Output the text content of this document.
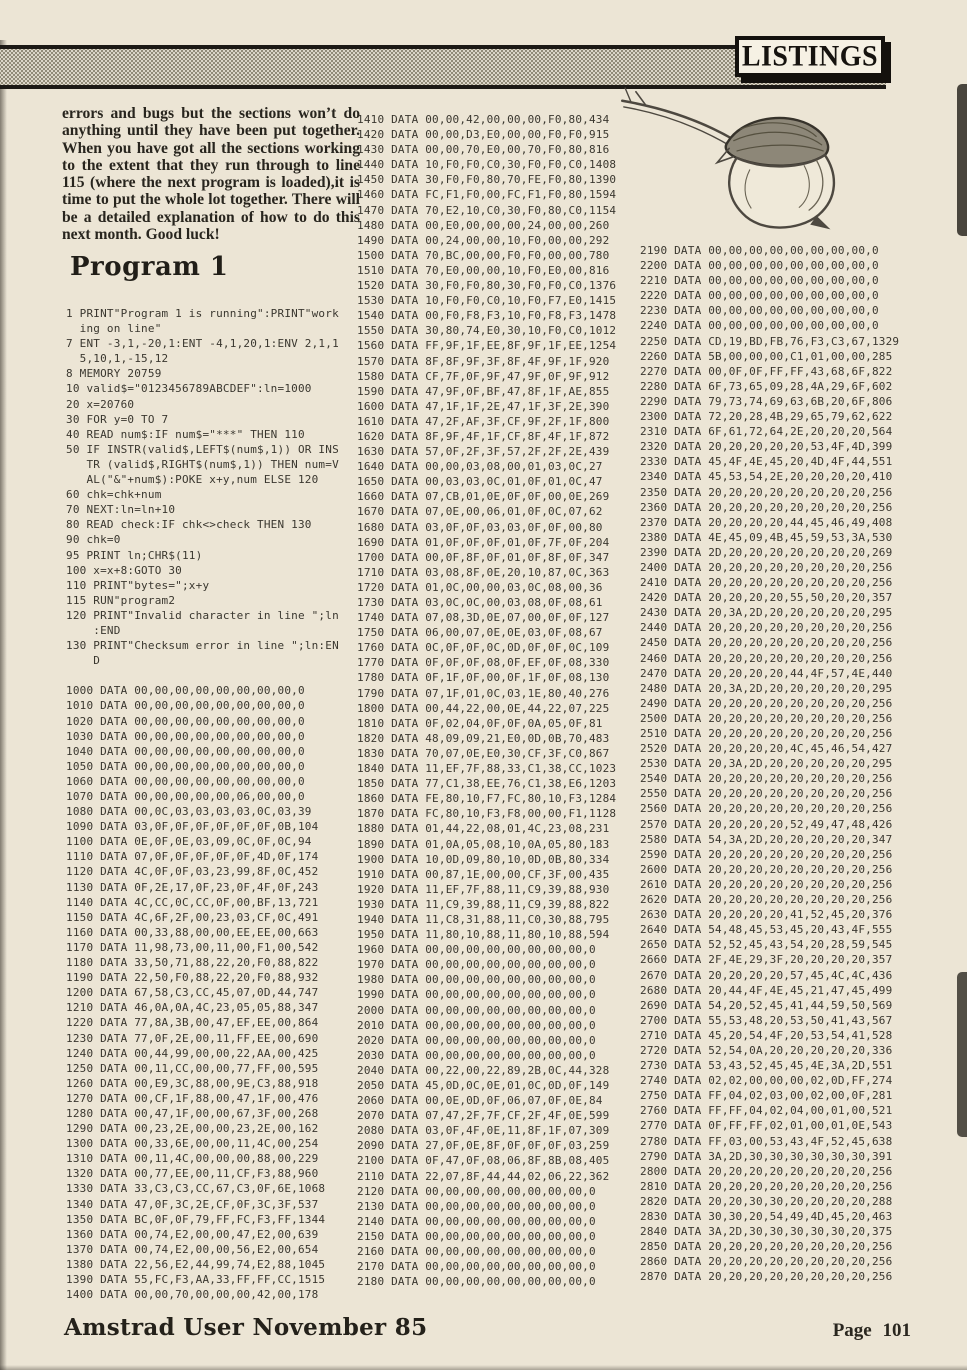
LISTINGS

errors and bugs but the sections won’t do anything until they have been put together. When you have got all the sections working to the extent that they run through to line 115 (where the next program is loaded),it is time to put the whole lot together. There will be a detailed explanation of how to do this next month. Good luck!

Program 1
1 PRINT"Program 1 is running":PRINT"work
ing on line"
7 ENT -3,1,-20,1:ENT -4,1,20,1:ENV 2,1,1
5,10,1,-15,12
8 MEMORY 20759
10 valid$="0123456789ABCDEF":ln=1000
20 x=20760
30 FOR y=0 TO 7
40 READ num$:IF num$="***" THEN 110
50 IF INSTR(valid$,LEFT$(num$,1)) OR INS
TR (valid$,RIGHT$(num$,1)) THEN num=V
AL("&"+num$):POKE x+y,num ELSE 120
60 chk=chk+num
70 NEXT:ln=ln+10
80 READ check:IF chk<>check THEN 130
90 chk=0
95 PRINT ln;CHR$(11)
100 x=x+8:GOTO 30
110 PRINT"bytes=";x+y
115 RUN"program2
120 PRINT"Invalid character in line ";ln
:END
130 PRINT"Checksum error in line ";ln:EN
D

1000 DATA 00,00,00,00,00,00,00,00,0
1010 DATA 00,00,00,00,00,00,00,00,0
1020 DATA 00,00,00,00,00,00,00,00,0
1030 DATA 00,00,00,00,00,00,00,00,0
1040 DATA 00,00,00,00,00,00,00,00,0
1050 DATA 00,00,00,00,00,00,00,00,0
1060 DATA 00,00,00,00,00,00,00,00,0
1070 DATA 00,00,00,00,00,06,00,00,0
1080 DATA 00,0C,03,03,03,03,0C,03,39
1090 DATA 03,0F,0F,0F,0F,0F,0F,0B,104
1100 DATA 0E,0F,0E,03,09,0C,0F,0C,94
1110 DATA 07,0F,0F,0F,0F,0F,4D,0F,174
1120 DATA 4C,0F,0F,03,23,99,8F,0C,452
1130 DATA 0F,2E,17,0F,23,0F,4F,0F,243
1140 DATA 4C,CC,0C,CC,0F,00,BF,13,721
1150 DATA 4C,6F,2F,00,23,03,CF,0C,491
1160 DATA 00,33,88,00,00,EE,EE,00,663
1170 DATA 11,98,73,00,11,00,F1,00,542
1180 DATA 33,50,71,88,22,20,F0,88,822
1190 DATA 22,50,F0,88,22,20,F0,88,932
1200 DATA 67,58,C3,CC,45,07,0D,44,747
1210 DATA 46,0A,0A,4C,23,05,05,88,347
1220 DATA 77,8A,3B,00,47,EF,EE,00,864
1230 DATA 77,0F,2E,00,11,FF,EE,00,690
1240 DATA 00,44,99,00,00,22,AA,00,425
1250 DATA 00,11,CC,00,00,77,FF,00,595
1260 DATA 00,E9,3C,88,00,9E,C3,88,918
1270 DATA 00,CF,1F,88,00,47,1F,00,476
1280 DATA 00,47,1F,00,00,67,3F,00,268
1290 DATA 00,23,2E,00,00,23,2E,00,162
1300 DATA 00,33,6E,00,00,11,4C,00,254
1310 DATA 00,11,4C,00,00,00,88,00,229
1320 DATA 00,77,EE,00,11,CF,F3,88,960
1330 DATA 33,C3,C3,CC,67,C3,0F,6E,1068
1340 DATA 47,0F,3C,2E,CF,0F,3C,3F,537
1350 DATA BC,0F,0F,79,FF,FC,F3,FF,1344
1360 DATA 00,74,E2,00,00,47,E2,00,639
1370 DATA 00,74,E2,00,00,56,E2,00,654
1380 DATA 22,56,E2,44,99,74,E2,88,1045
1390 DATA 55,FC,F3,AA,33,FF,FF,CC,1515
1400 DATA 00,00,70,00,00,00,42,00,178
1410 DATA 00,00,42,00,00,00,F0,80,434
1420 DATA 00,00,D3,E0,00,00,F0,F0,915
1430 DATA 00,00,70,E0,00,70,F0,80,816
1440 DATA 10,F0,F0,C0,30,F0,F0,C0,1408
1450 DATA 30,F0,F0,80,70,FE,F0,80,1390
1460 DATA FC,F1,F0,00,FC,F1,F0,80,1594
1470 DATA 70,E2,10,C0,30,F0,80,C0,1154
1480 DATA 00,E0,00,00,00,24,00,00,260
1490 DATA 00,24,00,00,10,F0,00,00,292
1500 DATA 70,BC,00,00,F0,F0,00,00,780
1510 DATA 70,E0,00,00,10,F0,E0,00,816
1520 DATA 30,F0,F0,80,30,F0,F0,C0,1376
1530 DATA 10,F0,F0,C0,10,F0,F7,E0,1415
1540 DATA 00,F0,F8,F3,10,F0,F8,F3,1478
1550 DATA 30,80,74,E0,30,10,F0,C0,1012
1560 DATA FF,9F,1F,EE,8F,9F,1F,EE,1254
1570 DATA 8F,8F,9F,3F,8F,4F,9F,1F,920
1580 DATA CF,7F,0F,9F,47,9F,0F,9F,912
1590 DATA 47,9F,0F,BF,47,8F,1F,AE,855
1600 DATA 47,1F,1F,2E,47,1F,3F,2E,390
1610 DATA 47,2F,AF,3F,CF,9F,2F,1F,800
1620 DATA 8F,9F,4F,1F,CF,8F,4F,1F,872
1630 DATA 57,0F,2F,3F,57,2F,2F,2E,439
1640 DATA 00,00,03,08,00,01,03,0C,27
1650 DATA 00,03,03,0C,01,0F,01,0C,47
1660 DATA 07,CB,01,0E,0F,0F,00,0E,269
1670 DATA 07,0E,00,06,01,0F,0C,07,62
1680 DATA 03,0F,0F,03,03,0F,0F,00,80
1690 DATA 01,0F,0F,0F,01,0F,7F,0F,204
1700 DATA 00,0F,8F,0F,01,0F,8F,0F,347
1710 DATA 03,08,8F,0E,20,10,87,0C,363
1720 DATA 01,0C,00,00,03,0C,08,00,36
1730 DATA 03,0C,0C,00,03,08,0F,08,61
1740 DATA 07,08,3D,0E,07,00,0F,0F,127
1750 DATA 06,00,07,0E,0E,03,0F,08,67
1760 DATA 0C,0F,0F,0C,0D,0F,0F,0C,109
1770 DATA 0F,0F,0F,08,0F,EF,0F,08,330
1780 DATA 0F,1F,0F,00,0F,1F,0F,08,130
1790 DATA 07,1F,01,0C,03,1E,80,40,276
1800 DATA 00,44,22,00,0E,44,22,07,225
1810 DATA 0F,02,04,0F,0F,0A,05,0F,81
1820 DATA 48,09,09,21,E0,0D,0B,70,483
1830 DATA 70,07,0E,E0,30,CF,3F,C0,867
1840 DATA 11,EF,7F,88,33,C1,38,CC,1023
1850 DATA 77,C1,38,EE,76,C1,38,E6,1203
1860 DATA FE,80,10,F7,FC,80,10,F3,1284
1870 DATA FC,80,10,F3,F8,00,00,F1,1128
1880 DATA 01,44,22,08,01,4C,23,08,231
1890 DATA 01,0A,05,08,10,0A,05,80,183
1900 DATA 10,0D,09,80,10,0D,0B,80,334
1910 DATA 00,87,1E,00,00,CF,3F,00,435
1920 DATA 11,EF,7F,88,11,C9,39,88,930
1930 DATA 11,C9,39,88,11,C9,39,88,822
1940 DATA 11,C8,31,88,11,C0,30,88,795
1950 DATA 11,80,10,88,11,80,10,88,594
1960 DATA 00,00,00,00,00,00,00,00,0
1970 DATA 00,00,00,00,00,00,00,00,0
1980 DATA 00,00,00,00,00,00,00,00,0
1990 DATA 00,00,00,00,00,00,00,00,0
2000 DATA 00,00,00,00,00,00,00,00,0
2010 DATA 00,00,00,00,00,00,00,00,0
2020 DATA 00,00,00,00,00,00,00,00,0
2030 DATA 00,00,00,00,00,00,00,00,0
2040 DATA 00,22,00,22,89,2B,0C,44,328
2050 DATA 45,0D,0C,0E,01,0C,0D,0F,149
2060 DATA 00,0E,0D,0F,06,07,0F,0E,84
2070 DATA 07,47,2F,7F,CF,2F,4F,0E,599
2080 DATA 03,0F,4F,0E,11,8F,1F,07,309
2090 DATA 27,0F,0E,8F,0F,0F,0F,03,259
2100 DATA 0F,47,0F,08,06,8F,8B,08,405
2110 DATA 22,07,8F,44,44,02,06,22,362
2120 DATA 00,00,00,00,00,00,00,00,0
2130 DATA 00,00,00,00,00,00,00,00,0
2140 DATA 00,00,00,00,00,00,00,00,0
2150 DATA 00,00,00,00,00,00,00,00,0
2160 DATA 00,00,00,00,00,00,00,00,0
2170 DATA 00,00,00,00,00,00,00,00,0
2180 DATA 00,00,00,00,00,00,00,00,0
2190 DATA 00,00,00,00,00,00,00,00,0
2200 DATA 00,00,00,00,00,00,00,00,0
2210 DATA 00,00,00,00,00,00,00,00,0
2220 DATA 00,00,00,00,00,00,00,00,0
2230 DATA 00,00,00,00,00,00,00,00,0
2240 DATA 00,00,00,00,00,00,00,00,0
2250 DATA CD,19,BD,FB,76,F3,C3,67,1329
2260 DATA 5B,00,00,00,C1,01,00,00,285
2270 DATA 00,0F,0F,FF,FF,43,68,6F,822
2280 DATA 6F,73,65,09,28,4A,29,6F,602
2290 DATA 79,73,74,69,63,6B,20,6F,806
2300 DATA 72,20,28,4B,29,65,79,62,622
2310 DATA 6F,61,72,64,2E,20,20,20,564
2320 DATA 20,20,20,20,20,53,4F,4D,399
2330 DATA 45,4F,4E,45,20,4D,4F,44,551
2340 DATA 45,53,54,2E,20,20,20,20,410
2350 DATA 20,20,20,20,20,20,20,20,256
2360 DATA 20,20,20,20,20,20,20,20,256
2370 DATA 20,20,20,20,44,45,46,49,408
2380 DATA 4E,45,09,4B,45,59,53,3A,530
2390 DATA 2D,20,20,20,20,20,20,20,269
2400 DATA 20,20,20,20,20,20,20,20,256
2410 DATA 20,20,20,20,20,20,20,20,256
2420 DATA 20,20,20,20,55,50,20,20,357
2430 DATA 20,3A,2D,20,20,20,20,20,295
2440 DATA 20,20,20,20,20,20,20,20,256
2450 DATA 20,20,20,20,20,20,20,20,256
2460 DATA 20,20,20,20,20,20,20,20,256
2470 DATA 20,20,20,20,44,4F,57,4E,440
2480 DATA 20,3A,2D,20,20,20,20,20,295
2490 DATA 20,20,20,20,20,20,20,20,256
2500 DATA 20,20,20,20,20,20,20,20,256
2510 DATA 20,20,20,20,20,20,20,20,256
2520 DATA 20,20,20,20,4C,45,46,54,427
2530 DATA 20,3A,2D,20,20,20,20,20,295
2540 DATA 20,20,20,20,20,20,20,20,256
2550 DATA 20,20,20,20,20,20,20,20,256
2560 DATA 20,20,20,20,20,20,20,20,256
2570 DATA 20,20,20,20,52,49,47,48,426
2580 DATA 54,3A,2D,20,20,20,20,20,347
2590 DATA 20,20,20,20,20,20,20,20,256
2600 DATA 20,20,20,20,20,20,20,20,256
2610 DATA 20,20,20,20,20,20,20,20,256
2620 DATA 20,20,20,20,20,20,20,20,256
2630 DATA 20,20,20,20,41,52,45,20,376
2640 DATA 54,48,45,53,45,20,43,4F,555
2650 DATA 52,52,45,43,54,20,28,59,545
2660 DATA 2F,4E,29,3F,20,20,20,20,357
2670 DATA 20,20,20,20,57,45,4C,4C,436
2680 DATA 20,44,4F,4E,45,21,47,45,499
2690 DATA 54,20,52,45,41,44,59,50,569
2700 DATA 55,53,48,20,53,50,41,43,567
2710 DATA 45,20,54,4F,20,53,54,41,528
2720 DATA 52,54,0A,20,20,20,20,20,336
2730 DATA 53,43,52,45,45,4E,3A,2D,551
2740 DATA 02,02,00,00,00,02,0D,FF,274
2750 DATA FF,04,02,03,00,02,00,0F,281
2760 DATA FF,FF,04,02,04,00,01,00,521
2770 DATA 0F,FF,FF,02,01,00,01,0E,543
2780 DATA FF,03,00,53,43,4F,52,45,638
2790 DATA 3A,2D,30,30,30,30,30,30,391
2800 DATA 20,20,20,20,20,20,20,20,256
2810 DATA 20,20,20,20,20,20,20,20,256
2820 DATA 20,20,30,30,20,20,20,20,288
2830 DATA 30,30,20,54,49,4D,45,20,463
2840 DATA 3A,2D,30,30,30,30,30,20,375
2850 DATA 20,20,20,20,20,20,20,20,256
2860 DATA 20,20,20,20,20,20,20,20,256
2870 DATA 20,20,20,20,20,20,20,20,256
Amstrad User November 85	Page 101
